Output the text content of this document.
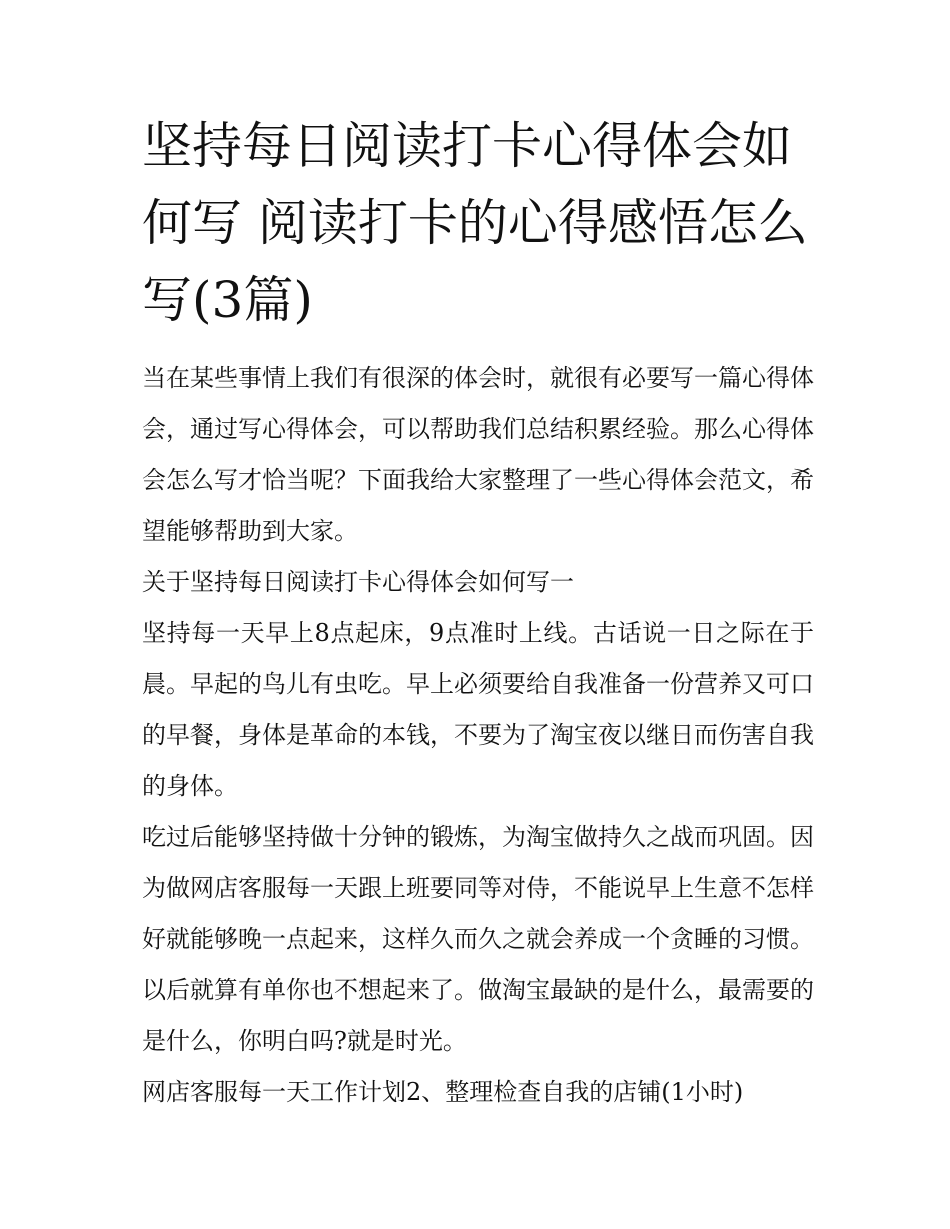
坚持每日阅读打卡心得体会如何写 阅读打卡的心得感悟怎么写(3篇)

当在某些事情上我们有很深的体会时，就很有必要写一篇心得体会，通过写心得体会，可以帮助我们总结积累经验。那么心得体会怎么写才恰当呢？下面我给大家整理了一些心得体会范文，希望能够帮助到大家。

关于坚持每日阅读打卡心得体会如何写一

坚持每一天早上8点起床，9点准时上线。古话说一日之际在于晨。早起的鸟儿有虫吃。早上必须要给自我准备一份营养又可口的早餐，身体是革命的本钱，不要为了淘宝夜以继日而伤害自我的身体。

吃过后能够坚持做十分钟的锻炼，为淘宝做持久之战而巩固。因为做网店客服每一天跟上班要同等对侍，不能说早上生意不怎样好就能够晚一点起来，这样久而久之就会养成一个贪睡的习惯。以后就算有单你也不想起来了。做淘宝最缺的是什么，最需要的是什么，你明白吗?就是时光。

网店客服每一天工作计划2、整理检查自我的店铺(1小时)
